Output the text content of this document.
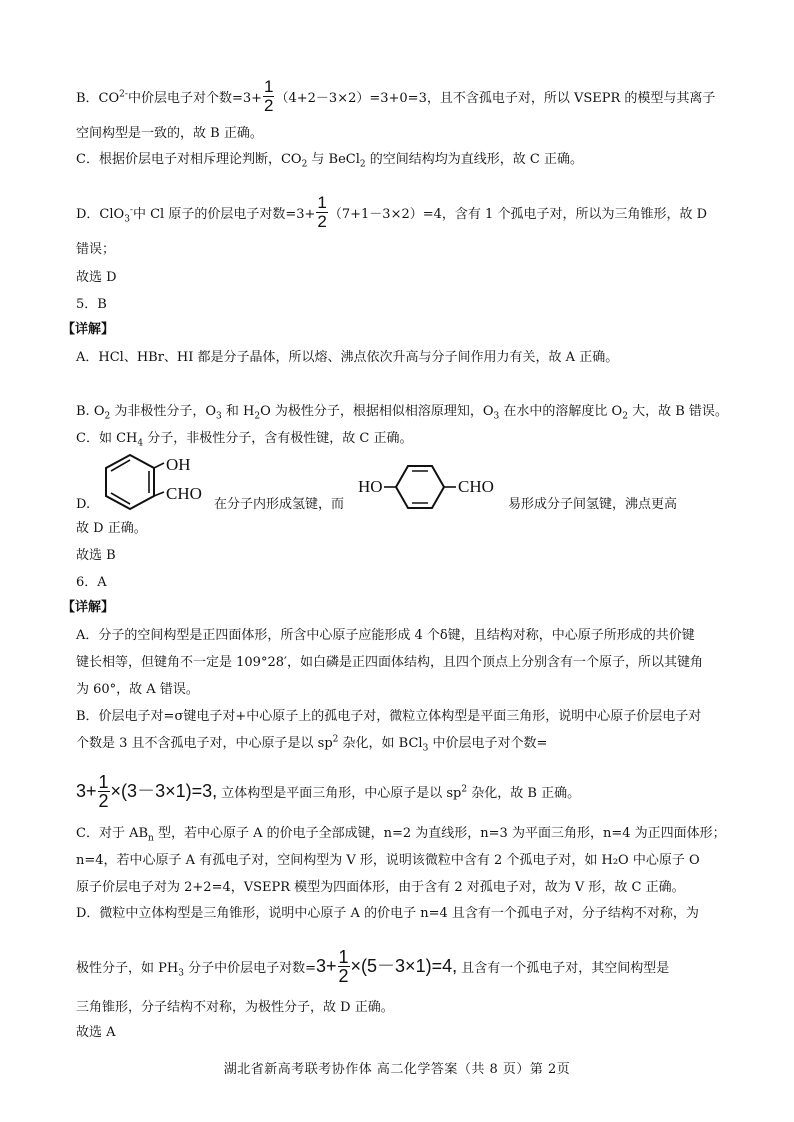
B．$CO^{2-}$中价层电子对个数$=3+ \frac{1}{2} (4+2-3\times 2)=3+0=3$，且不含孤电子对，所以 VSEPR 的模型与其离子
空间构型是一致的，故 B 正确。
C．根据价层电子对相斥理论判断，$CO_2$ 与 BeCl$_2$ 的空间结构均为直线形，故 C 正确。
D．ClO$_3$-中 Cl 原子的价层电子对数$=3+ \frac{1}{2} (7+1-3\times 2)=4$，含有 1 个孤电子对，所以为三角锥形，故 D
错误；
故选 D
5．B
【详解】
A．HCl、HBr、HI 都是分子晶体，所以熔、沸点依次升高与分子间作用力有关，故 A 正确。
B. $O_2$ 为非极性分子，$O_3$ 和 $H_2O$ 为极性分子，根据相似相溶原理知，$O_3$ 在水中的溶解度比 $O_2$ 大，故 B 错误。
C．如 $CH_4$ 分子，非极性分子，含有极性键，故 C 正确。
D.
OH
CHO
在分子内形成氢键，而
HO	CHO
易形成分子间氢键，沸点更高
故 D 正确。
故选 B
6．A
【详解】
A．分子的空间构型是正四面体形，所含中心原子应能形成 4 个δ键，且结构对称，中心原子所形成的共价键
键长相等，但键角不一定是 109°28′，如白磷是正四面体结构，且四个顶点上分别含有一个原子，所以其键角
为 60°，故 A 错误。
B．价层电子对=σ键电子对+中心原子上的孤电子对，微粒立体构型是平面三角形，说明中心原子价层电子对
个数是 3 且不含孤电子对，中心原子是以 $sp^2$ 杂化，如 BCl$_3$ 中价层电子对个数=
$3+ \frac{1}{2} \times(3-3\times 1)=3$, 立体构型是平面三角形，中心原子是以 $sp^2$ 杂化，故 B 正确。
C．对于 $AB_n$ 型，若中心原子 A 的价电子全部成键，n=2 为直线形，n=3 为平面三角形，n=4 为正四面体形；
n=4，若中心原子 A 有孤电子对，空间构型为 V 形，说明该微粒中含有 2 个孤电子对，如 H₂O 中心原子 O
原子价层电子对为 2+2=4，VSEPR 模型为四面体形，由于含有 2 对孤电子对，故为 V 形，故 C 正确。
D．微粒中立体构型是三角锥形，说明中心原子 A 的价电子 n=4 且含有一个孤电子对，分子结构不对称，为
极性分子，如 $PH_3$ 分子中价层电子对数$=3+ \frac{1}{2} \times(5-3\times 1)=4$, 且含有一个孤电子对，其空间构型是
三角锥形，分子结构不对称，为极性分子，故 D 正确。
故选 A
湖北省新高考联考协作体 高二化学答案（共 8 页）第 2页
